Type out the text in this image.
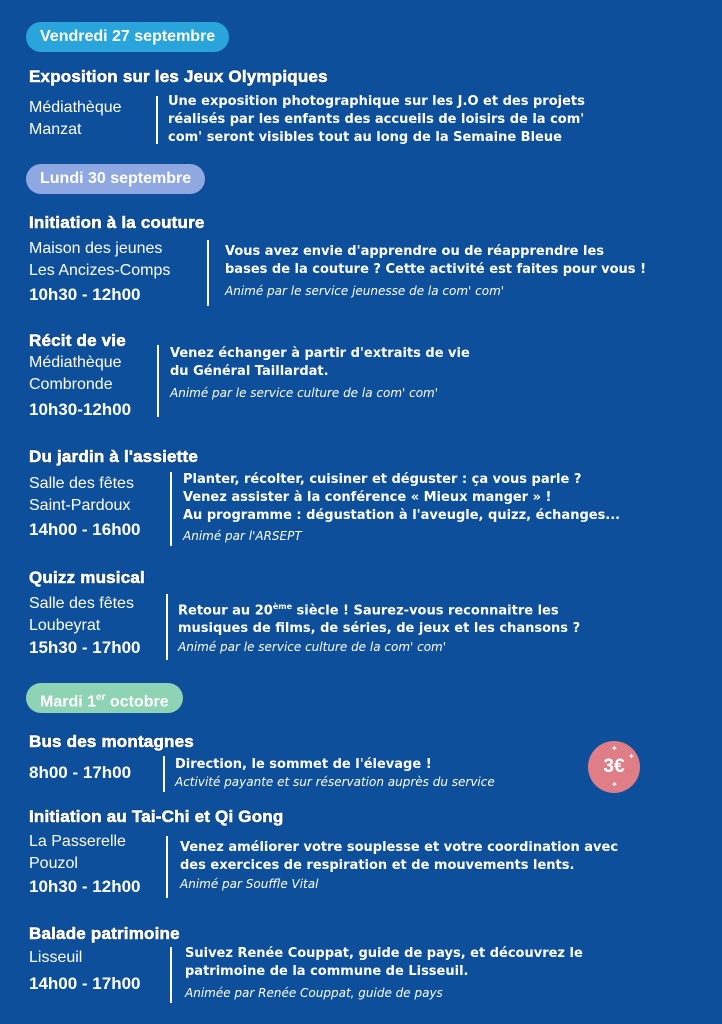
Vendredi 27 septembre
Lundi 30 septembre
Mardi 1er octobre
Exposition sur les Jeux Olympiques
Médiathèque
Manzat
Une exposition photographique sur les J.O et des projets
réalisés par les enfants des accueils de loisirs de la com'
com' seront visibles tout au long de la Semaine Bleue
Initiation à la couture
Maison des jeunes
Les Ancizes-Comps
10h30 - 12h00
Vous avez envie d'apprendre ou de réapprendre les
bases de la couture ? Cette activité est faites pour vous !
Animé par le service jeunesse de la com' com'
Récit de vie
Médiathèque
Combronde
10h30-12h00
Venez échanger à partir d'extraits de vie
du Général Taillardat.
Animé par le service culture de la com' com'
Du jardin à l'assiette
Salle des fêtes
Saint-Pardoux
14h00 - 16h00
Planter, récolter, cuisiner et déguster : ça vous parle ?
Venez assister à la conférence « Mieux manger » !
Au programme : dégustation à l'aveugle, quizz, échanges...
Animé par l'ARSEPT
Quizz musical
Salle des fêtes
Loubeyrat
15h30 - 17h00
Retour au 20ème siècle ! Saurez-vous reconnaitre les
musiques de films, de séries, de jeux et les chansons ?
Animé par le service culture de la com' com'
Bus des montagnes
8h00 - 17h00	Direction, le sommet de l'élevage !
Activité payante et sur réservation auprès du service
3€
✦
✦
✦
Initiation au Tai-Chi et Qi Gong
La Passerelle
Pouzol
10h30 - 12h00
Venez améliorer votre souplesse et votre coordination avec
des exercices de respiration et de mouvements lents.
Animé par Souffle Vital
Balade patrimoine
Lisseuil
14h00 - 17h00
Suivez Renée Couppat, guide de pays, et découvrez le
patrimoine de la commune de Lisseuil.
Animée par Renée Couppat, guide de pays
